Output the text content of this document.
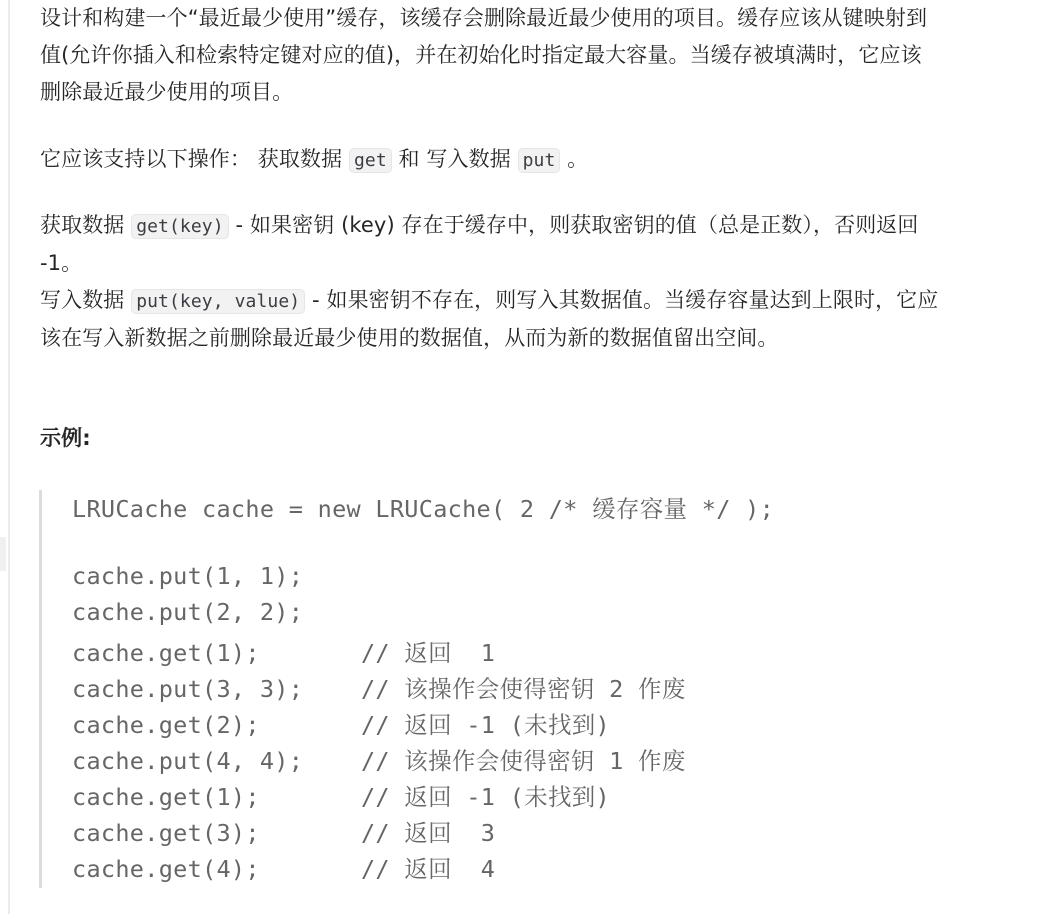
设计和构建一个“最近最少使用”缓存，该缓存会删除最近最少使用的项目。缓存应该从键映射到值(允许你插入和检索特定键对应的值)，并在初始化时指定最大容量。当缓存被填满时，它应该删除最近最少使用的项目。

它应该支持以下操作： 获取数据 get 和 写入数据 put 。

获取数据 get(key) - 如果密钥 (key) 存在于缓存中，则获取密钥的值（总是正数），否则返回 -1。
写入数据 put(key, value) - 如果密钥不存在，则写入其数据值。当缓存容量达到上限时，它应该在写入新数据之前删除最近最少使用的数据值，从而为新的数据值留出空间。

示例:

LRUCache cache = new LRUCache( 2 /* 缓存容量 */ );
cache.put(1, 1);
cache.put(2, 2);
cache.get(1);       // 返回  1
cache.put(3, 3);    // 该操作会使得密钥 2 作废
cache.get(2);       // 返回 -1 (未找到)
cache.put(4, 4);    // 该操作会使得密钥 1 作废
cache.get(1);       // 返回 -1 (未找到)
cache.get(3);       // 返回  3
cache.get(4);       // 返回  4
